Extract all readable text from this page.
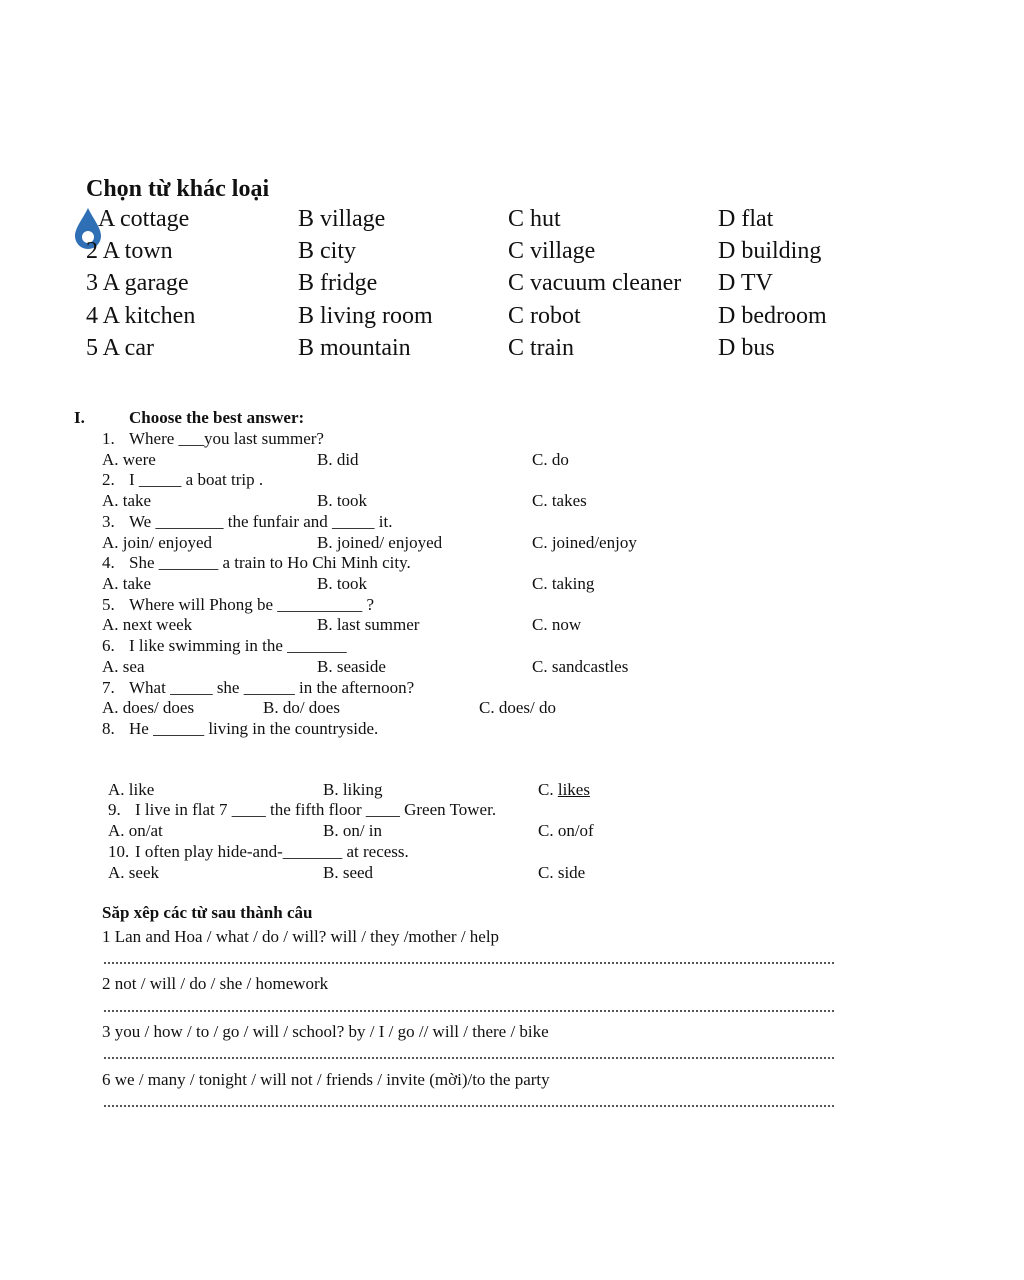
Chọn từ khác loại
A cottage	B village	C hut	D flat
2 A town	B city	C village	D building
3 A garage	B fridge	C vacuum cleaner D TV
4 A kitchen	B living room	C robot	D bedroom
5 A car	B mountain	C train	D bus
I.	Choose the best answer:
1. Where ___you last summer?
A. were	B. did	C. do
2. I _____ a boat trip .
A. take	B. took	C. takes
3. We ________ the funfair and _____ it.
A. join/ enjoyed	B. joined/ enjoyed	C. joined/enjoy
4. She _______ a train to Ho Chi Minh city.
A. take	B. took	C. taking
5. Where will Phong be __________ ?
A. next week	B. last summer	C. now
6. I like swimming in the _______
A. sea	B. seaside	C. sandcastles
7. What _____ she ______ in the afternoon?
A. does/ does	B. do/ does	C. does/ do
8. He ______ living in the countryside.
A. like	B. liking	C. likes
9. I live in flat 7 ____ the fifth floor ____ Green Tower.
A. on/at	B. on/ in	C. on/of
10. I often play hide-and-_______ at recess.
A. seek	B. seed	C. side
Săp xêp các từ sau thành câu
1 Lan and Hoa / what / do / will? will / they /mother / help
2 not / will / do / she / homework
3 you / how / to / go / will / school? by / I / go // will / there / bike
6 we / many / tonight / will not / friends / invite (mời)/to the party
